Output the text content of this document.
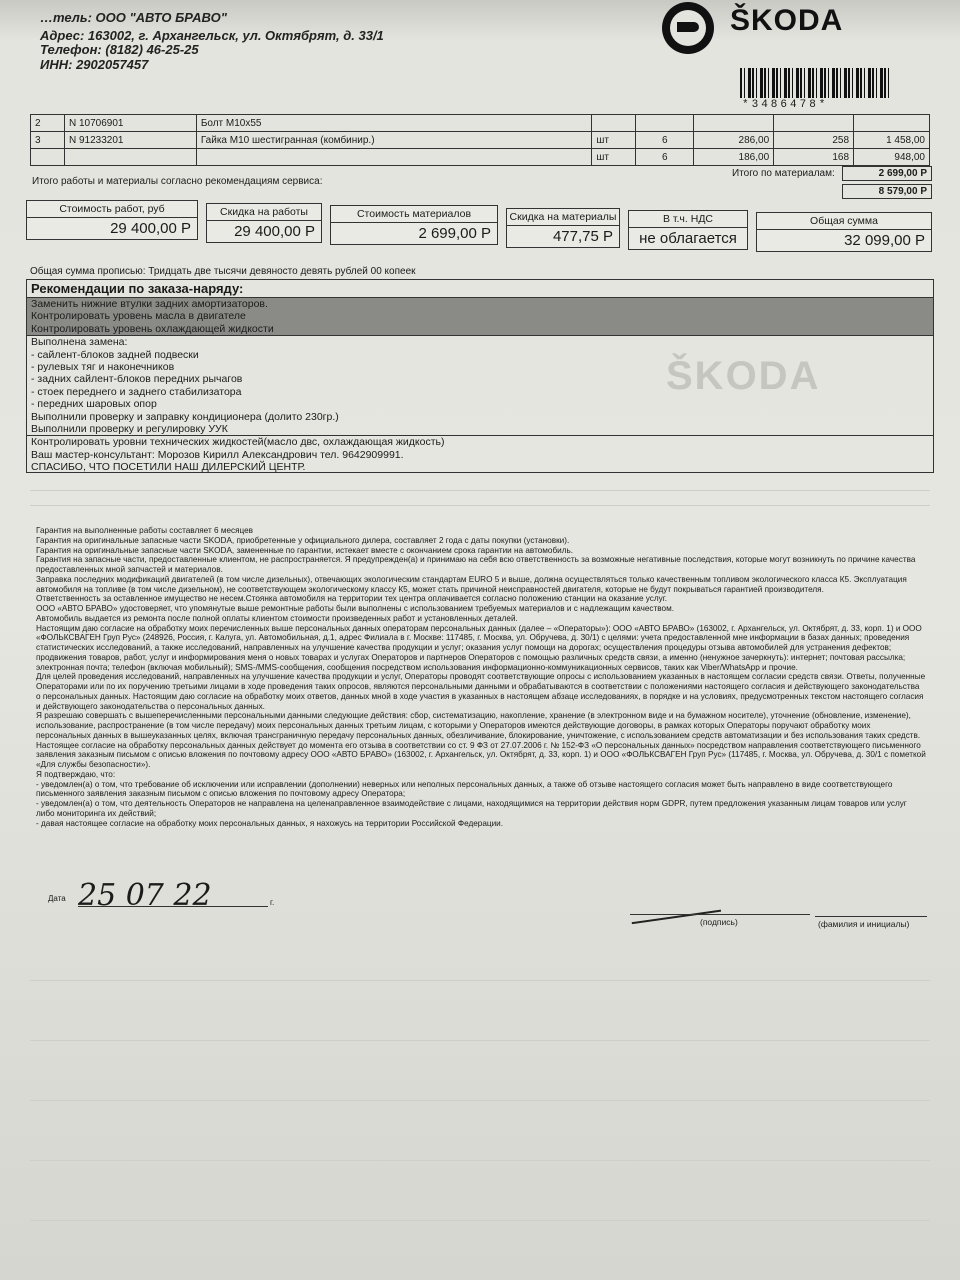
…тель: ООО "АВТО БРАВО"
Адрес: 163002, г. Архангельск, ул. Октябрят, д. 33/1
Телефон: (8182) 46-25-25
ИНН: 2902057457
ŠKODA
*3486478*
2	N 10706901	Болт М10х55					
3	N 91233201	Гайка М10 шестигранная (комбинир.)	шт	6	286,00	258	1 458,00
			шт	6	186,00	168	948,00
Итого работы и материалы согласно рекомендациям сервиса:
Итого по материалам:	2 699,00 Р
8 579,00 Р
Стоимость работ, руб
29 400,00 Р
Скидка на работы
29 400,00 Р
Стоимость материалов
2 699,00 Р
Скидка на материалы
477,75 Р
В т.ч. НДС
не облагается
Общая сумма
32 099,00 Р
Общая сумма прописью: Тридцать две тысячи девяносто девять рублей 00 копеек
ŠKODA
Рекомендации по заказа-наряду:
Заменить нижние втулки задних амортизаторов.
Контролировать уровень масла в двигателе
Контролировать уровень охлаждающей жидкости
Выполнена замена:
- сайлент-блоков задней подвески
- рулевых тяг и наконечников
- задних сайлент-блоков передних рычагов
- стоек переднего и заднего стабилизатора
- передних шаровых опор
Выполнили проверку и заправку кондиционера (долито 230гр.)
Выполнили проверку и регулировку УУК
Контролировать уровни технических жидкостей(масло двс, охлаждающая жидкость)
Ваш мастер-консультант: Морозов Кирилл Александрович тел. 9642909991.
СПАСИБО, ЧТО ПОСЕТИЛИ НАШ ДИЛЕРСКИЙ ЦЕНТР.

Гарантия на выполненные работы составляет 6 месяцев

Гарантия на оригинальные запасные части SKODA, приобретенные у официального дилера, составляет 2 года с даты покупки (установки).

Гарантия на оригинальные запасные части SKODA, замененные по гарантии, истекает вместе с окончанием срока гарантии на автомобиль.

Гарантия на запасные части, предоставленные клиентом, не распространяется. Я предупрежден(а) и принимаю на себя всю ответственность за возможные негативные последствия, которые могут возникнуть по причине качества предоставленных мной запчастей и материалов.

Заправка последних модификаций двигателей (в том числе дизельных), отвечающих экологическим стандартам EURO 5 и выше, должна осуществляться только качественным топливом экологического класса К5. Эксплуатация автомобиля на топливе (в том числе дизельном), не соответствующем экологическому классу К5, может стать причиной неисправностей двигателя, которые не будут покрываться гарантией производителя.

Ответственность за оставленное имущество не несем.Стоянка автомобиля на территории тех центра оплачивается согласно положению станции на оказание услуг.

ООО «АВТО БРАВО» удостоверяет, что упомянутые выше ремонтные работы были выполнены с использованием требуемых материалов и с надлежащим качеством.

Автомобиль выдается из ремонта после полной оплаты клиентом стоимости произведенных работ и установленных деталей.

Настоящим даю согласие на обработку моих перечисленных выше персональных данных операторам персональных данных (далее – «Операторы»): ООО «АВТО БРАВО» (163002, г. Архангельск, ул. Октябрят, д. 33, корп. 1) и ООО «ФОЛЬКСВАГЕН Груп Рус» (248926, Россия, г. Калуга, ул. Автомобильная, д.1, адрес Филиала в г. Москве: 117485, г. Москва, ул. Обручева, д. 30/1) с целями: учета предоставленной мне информации в базах данных; проведения статистических исследований, а также исследований, направленных на улучшение качества продукции и услуг; оказания услуг помощи на дорогах; осуществления процедуры отзыва автомобилей для устранения дефектов; продвижения товаров, работ, услуг и информирования меня о новых товарах и услугах Операторов и партнеров Операторов с помощью различных средств связи, а именно (ненужное зачеркнуть): интернет; почтовая рассылка; электронная почта; телефон (включая мобильный); SMS-/MMS-сообщения, сообщения посредством использования информационно-коммуникационных сервисов, таких как Viber/WhatsApp и прочие.

Для целей проведения исследований, направленных на улучшение качества продукции и услуг, Операторы проводят соответствующие опросы с использованием указанных в настоящем согласии средств связи. Ответы, полученные Операторами или по их поручению третьими лицами в ходе проведения таких опросов, являются персональными данными и обрабатываются в соответствии с положениями настоящего согласия и действующего законодательства о персональных данных. Настоящим даю согласие на обработку моих ответов, данных мной в ходе участия в указанных в настоящем абзаце исследованиях, в порядке и на условиях, предусмотренных текстом настоящего согласия и действующего законодательства о персональных данных.

Я разрешаю совершать с вышеперечисленными персональными данными следующие действия: сбор, систематизацию, накопление, хранение (в электронном виде и на бумажном носителе), уточнение (обновление, изменение), использование, распространение (в том числе передачу) моих персональных данных третьим лицам, с которыми у Операторов имеются действующие договоры, в рамках которых Операторы поручают обработку моих персональных данных в вышеуказанных целях, включая трансграничную передачу персональных данных, обезличивание, блокирование, уничтожение, с использованием средств автоматизации и без использования таких средств.

Настоящее согласие на обработку персональных данных действует до момента его отзыва в соответствии со ст. 9 ФЗ от 27.07.2006 г. № 152-ФЗ «О персональных данных» посредством направления соответствующего письменного заявления заказным письмом с описью вложения по почтовому адресу ООО «АВТО БРАВО» (163002, г. Архангельск, ул. Октябрят, д. 33, корп. 1) и ООО «ФОЛЬКСВАГЕН Груп Рус» (117485, г. Москва, ул. Обручева, д. 30/1 с пометкой «Для службы безопасности»).

Я подтверждаю, что:

- уведомлен(а) о том, что требование об исключении или исправлении (дополнении) неверных или неполных персональных данных, а также об отзыве настоящего согласия может быть направлено в виде соответствующего письменного заявления заказным письмом с описью вложения по почтовому адресу Оператора;

- уведомлен(а) о том, что деятельность Операторов не направлена на целенаправленное взаимодействие с лицами, находящимися на территории действия норм GDPR, путем предложения указанным лицам товаров или услуг либо мониторинга их действий;

- давая настоящее согласие на обработку моих персональных данных, я нахожусь на территории Российской Федерации.

Дата 25 07 22	г.
(подпись)	(фамилия и инициалы)
